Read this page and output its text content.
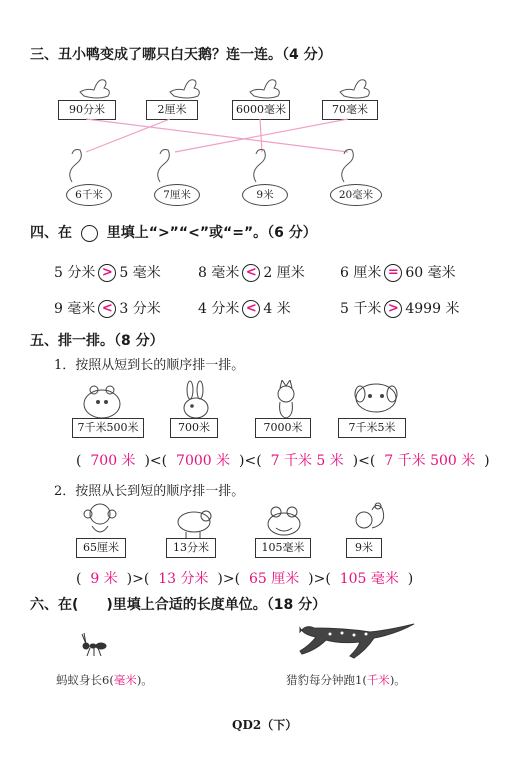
三、丑小鸭变成了哪只白天鹅？连一连。（4 分）
90分米	2厘米	6000毫米	70毫米
6千米	7厘米	9米	20毫米
四、在 里填上“>”“<”或“=”。（6 分）
5 分米 > 5 毫米	8 毫米 < 2 厘米	6 厘米 = 60 毫米
9 毫米 < 3 分米	4 分米 < 4 米	5 千米 > 4999 米
五、排一排。（8 分）
1．按照从短到长的顺序排一排。
7千米500米	700米	7000米	7千米5米
(  700 米  )<(  7000 米  )<(  7 千米 5 米  )<(  7 千米 500 米  )
2．按照从长到短的顺序排一排。
65厘米	13分米	105毫米	9米
(  9 米  )>(  13 分米  )>(  65 厘米  )>(  105 毫米  )
六、在(　　)里填上合适的长度单位。（18 分）
蚂蚁身长6(毫米)。	猎豹每分钟跑1(千米)。
QD2（下）
